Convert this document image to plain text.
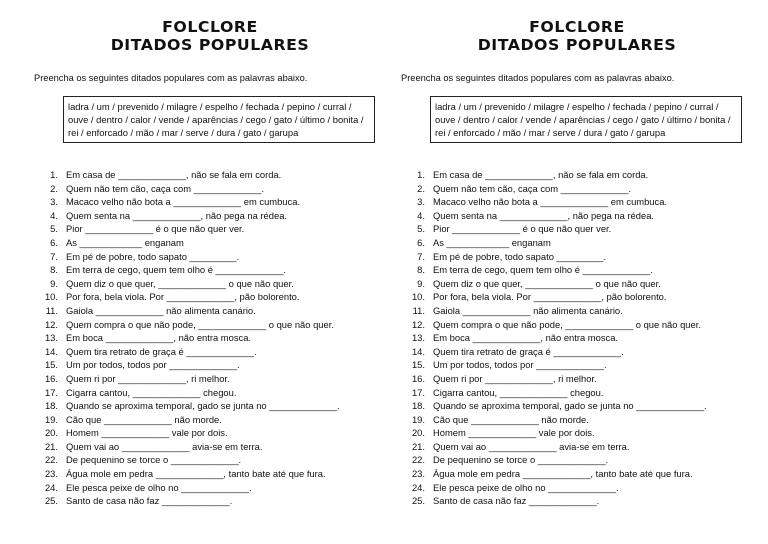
FOLCLORE
DITADOS POPULARES
Preencha os seguintes ditados populares com as palavras abaixo.
ladra / um / prevenido / milagre / espelho / fechada / pepino / curral / ouve / dentro / calor / vende / aparências / cego / gato / último / bonita / rei / enforcado / mão / mar / serve / dura / gato / garupa
1. Em casa de _____________, não se fala em corda.
2. Quem não tem cão, caça com _____________.
3. Macaco velho não bota a _____________ em cumbuca.
4. Quem senta na _____________, não pega na rédea.
5. Pior _____________ é o que não quer ver.
6. As ____________ enganam
7. Em pé de pobre, todo sapato _________.
8. Em terra de cego, quem tem olho é _____________.
9. Quem diz o que quer, _____________ o que não quer.
10. Por fora, bela viola. Por _____________, pão bolorento.
11. Gaiola _____________ não alimenta canário.
12. Quem compra o que não pode, _____________ o que não quer.
13. Em boca _____________, não entra mosca.
14. Quem tira retrato de graça é _____________.
15. Um por todos, todos por _____________.
16. Quem ri por _____________, ri melhor.
17. Cigarra cantou, _____________ chegou.
18. Quando se aproxima temporal, gado se junta no _____________.
19. Cão que _____________ não morde.
20. Homem _____________ vale por dois.
21. Quem vai ao _____________ avia-se em terra.
22. De pequenino se torce o _____________.
23. Água mole em pedra _____________, tanto bate até que fura.
24. Ele pesca peixe de olho no _____________.
25. Santo de casa não faz _____________.
FOLCLORE
DITADOS POPULARES
Preencha os seguintes ditados populares com as palavras abaixo.
ladra / um / prevenido / milagre / espelho / fechada / pepino / curral / ouve / dentro / calor / vende / aparências / cego / gato / último / bonita / rei / enforcado / mão / mar / serve / dura / gato / garupa
1. Em casa de _____________, não se fala em corda.
2. Quem não tem cão, caça com _____________.
3. Macaco velho não bota a _____________ em cumbuca.
4. Quem senta na _____________, não pega na rédea.
5. Pior _____________ é o que não quer ver.
6. As ____________ enganam
7. Em pé de pobre, todo sapato _________.
8. Em terra de cego, quem tem olho é _____________.
9. Quem diz o que quer, _____________ o que não quer.
10. Por fora, bela viola. Por _____________, pão bolorento.
11. Gaiola _____________ não alimenta canário.
12. Quem compra o que não pode, _____________ o que não quer.
13. Em boca _____________, não entra mosca.
14. Quem tira retrato de graça é _____________.
15. Um por todos, todos por _____________.
16. Quem ri por _____________, ri melhor.
17. Cigarra cantou, _____________ chegou.
18. Quando se aproxima temporal, gado se junta no _____________.
19. Cão que _____________ não morde.
20. Homem _____________ vale por dois.
21. Quem vai ao _____________ avia-se em terra.
22. De pequenino se torce o _____________.
23. Água mole em pedra _____________, tanto bate até que fura.
24. Ele pesca peixe de olho no _____________.
25. Santo de casa não faz _____________.
